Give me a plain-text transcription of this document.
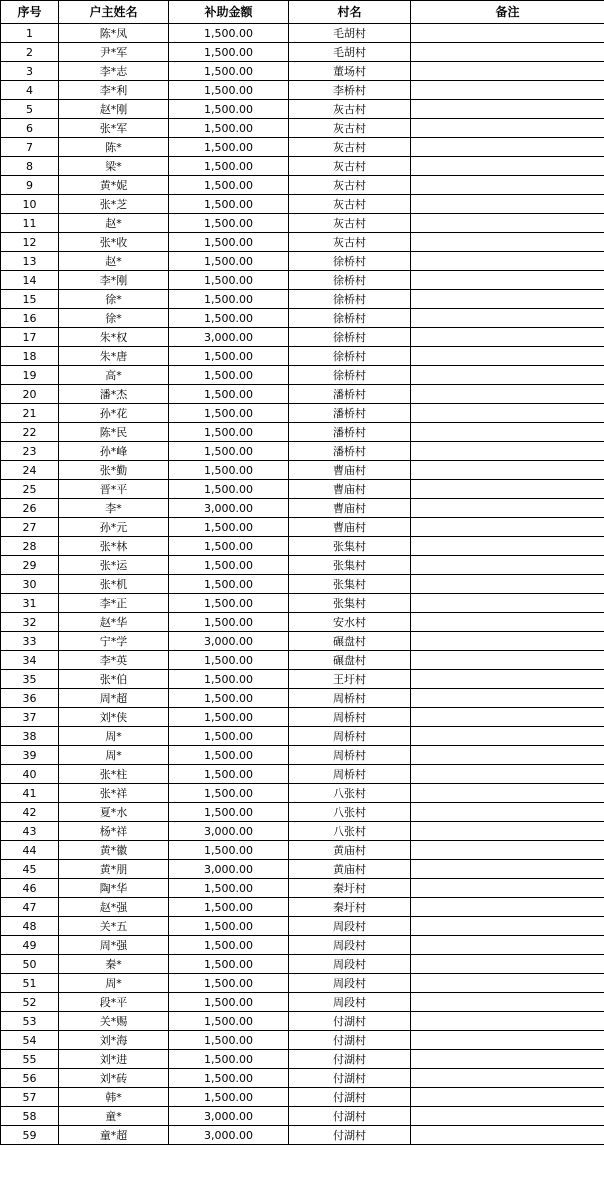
序号	户主姓名	补助金额	村名	备注
1	陈*凤	1,500.00	毛胡村	
2	尹*军	1,500.00	毛胡村	
3	李*志	1,500.00	董场村	
4	李*利	1,500.00	李桥村	
5	赵*刚	1,500.00	灰古村	
6	张*军	1,500.00	灰古村	
7	陈*	1,500.00	灰古村	
8	梁*	1,500.00	灰古村	
9	黄*妮	1,500.00	灰古村	
10	张*芝	1,500.00	灰古村	
11	赵*	1,500.00	灰古村	
12	张*收	1,500.00	灰古村	
13	赵*	1,500.00	徐桥村	
14	李*刚	1,500.00	徐桥村	
15	徐*	1,500.00	徐桥村	
16	徐*	1,500.00	徐桥村	
17	朱*权	3,000.00	徐桥村	
18	朱*唐	1,500.00	徐桥村	
19	高*	1,500.00	徐桥村	
20	潘*杰	1,500.00	潘桥村	
21	孙*花	1,500.00	潘桥村	
22	陈*民	1,500.00	潘桥村	
23	孙*峰	1,500.00	潘桥村	
24	张*勤	1,500.00	曹庙村	
25	晋*平	1,500.00	曹庙村	
26	李*	3,000.00	曹庙村	
27	孙*元	1,500.00	曹庙村	
28	张*林	1,500.00	张集村	
29	张*运	1,500.00	张集村	
30	张*机	1,500.00	张集村	
31	李*正	1,500.00	张集村	
32	赵*华	1,500.00	安水村	
33	宁*学	3,000.00	碾盘村	
34	李*英	1,500.00	碾盘村	
35	张*伯	1,500.00	王圩村	
36	周*超	1,500.00	周桥村	
37	刘*侠	1,500.00	周桥村	
38	周*	1,500.00	周桥村	
39	周*	1,500.00	周桥村	
40	张*柱	1,500.00	周桥村	
41	张*祥	1,500.00	八张村	
42	夏*水	1,500.00	八张村	
43	杨*祥	3,000.00	八张村	
44	黄*徽	1,500.00	黄庙村	
45	黄*朋	3,000.00	黄庙村	
46	陶*华	1,500.00	秦圩村	
47	赵*强	1,500.00	秦圩村	
48	关*五	1,500.00	周段村	
49	周*强	1,500.00	周段村	
50	秦*	1,500.00	周段村	
51	周*	1,500.00	周段村	
52	段*平	1,500.00	周段村	
53	关*赐	1,500.00	付湖村	
54	刘*海	1,500.00	付湖村	
55	刘*进	1,500.00	付湖村	
56	刘*砖	1,500.00	付湖村	
57	韩*	1,500.00	付湖村	
58	童*	3,000.00	付湖村	
59	童*超	3,000.00	付湖村	
